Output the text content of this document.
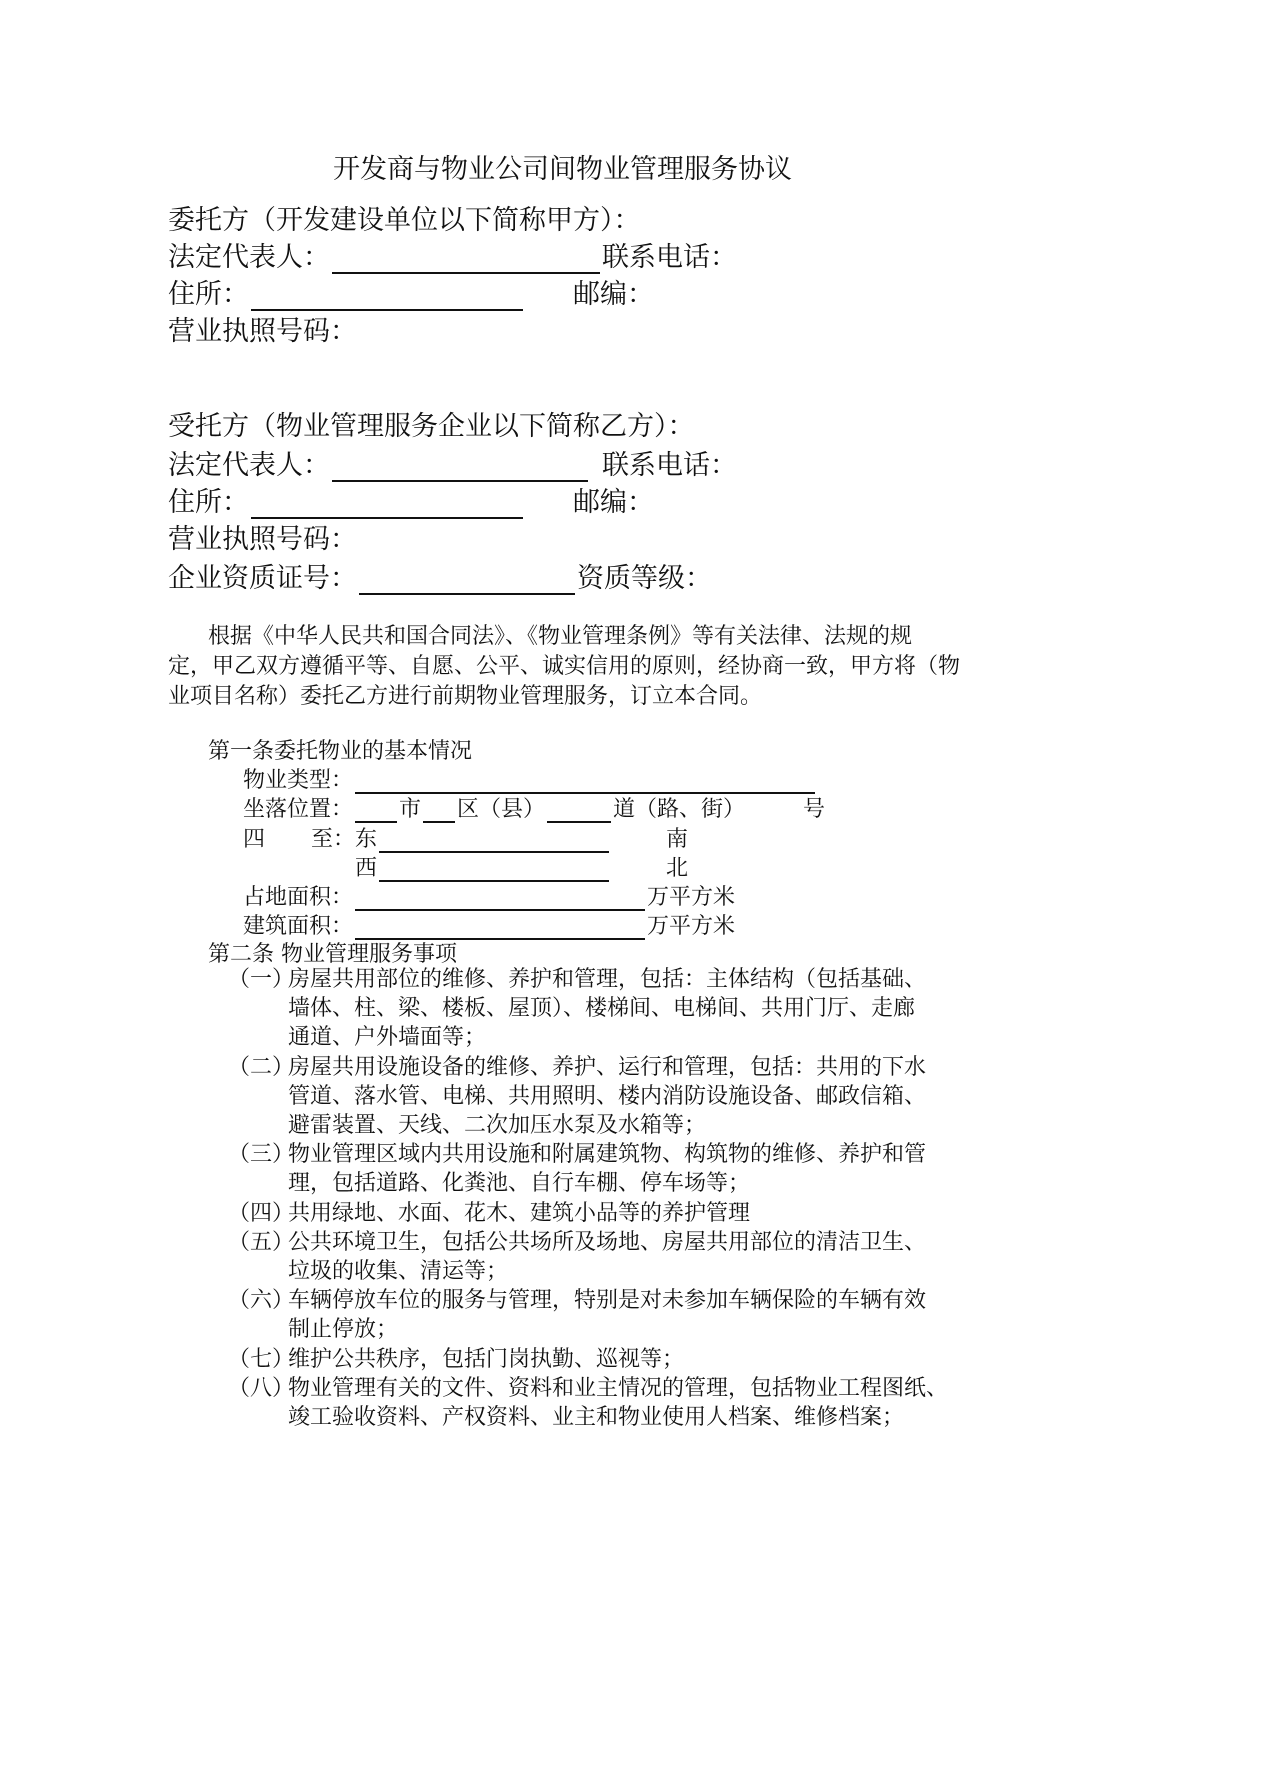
开发商与物业公司间物业管理服务协议
委托方（开发建设单位以下简称甲方）：
法定代表人：	联系电话：
住所：	邮编：
营业执照号码：
受托方（物业管理服务企业以下简称乙方）：
法定代表人：	联系电话：
住所：	邮编：
营业执照号码：
企业资质证号：	资质等级：
根据《中华人民共和国合同法》、《物业管理条例》等有关法律、法规的规
定，甲乙双方遵循平等、自愿、公平、诚实信用的原则，经协商一致，甲方将（物
业项目名称）委托乙方进行前期物业管理服务，订立本合同。
第一条委托物业的基本情况
物业类型：
坐落位置： 市 区（县）	道（路、街）	号
四 至：东	南
西	北
占地面积：	万平方米
建筑面积：	万平方米
第二条 物业管理服务事项
（一）
房屋共用部位的维修、养护和管理，包括：主体结构（包括基础、
墙体、柱、梁、楼板、屋顶）、楼梯间、电梯间、共用门厅、走廊
通道、户外墙面等；
（二）
房屋共用设施设备的维修、养护、运行和管理，包括：共用的下水
管道、落水管、电梯、共用照明、楼内消防设施设备、邮政信箱、
避雷装置、天线、二次加压水泵及水箱等；
（三）
物业管理区域内共用设施和附属建筑物、构筑物的维修、养护和管
理，包括道路、化粪池、自行车棚、停车场等；
（四）
共用绿地、水面、花木、建筑小品等的养护管理
（五）
公共环境卫生，包括公共场所及场地、房屋共用部位的清洁卫生、
垃圾的收集、清运等；
（六）
车辆停放车位的服务与管理，特别是对未参加车辆保险的车辆有效
制止停放；
（七）
维护公共秩序，包括门岗执勤、巡视等；
（八）
物业管理有关的文件、资料和业主情况的管理，包括物业工程图纸、
竣工验收资料、产权资料、业主和物业使用人档案、维修档案；
